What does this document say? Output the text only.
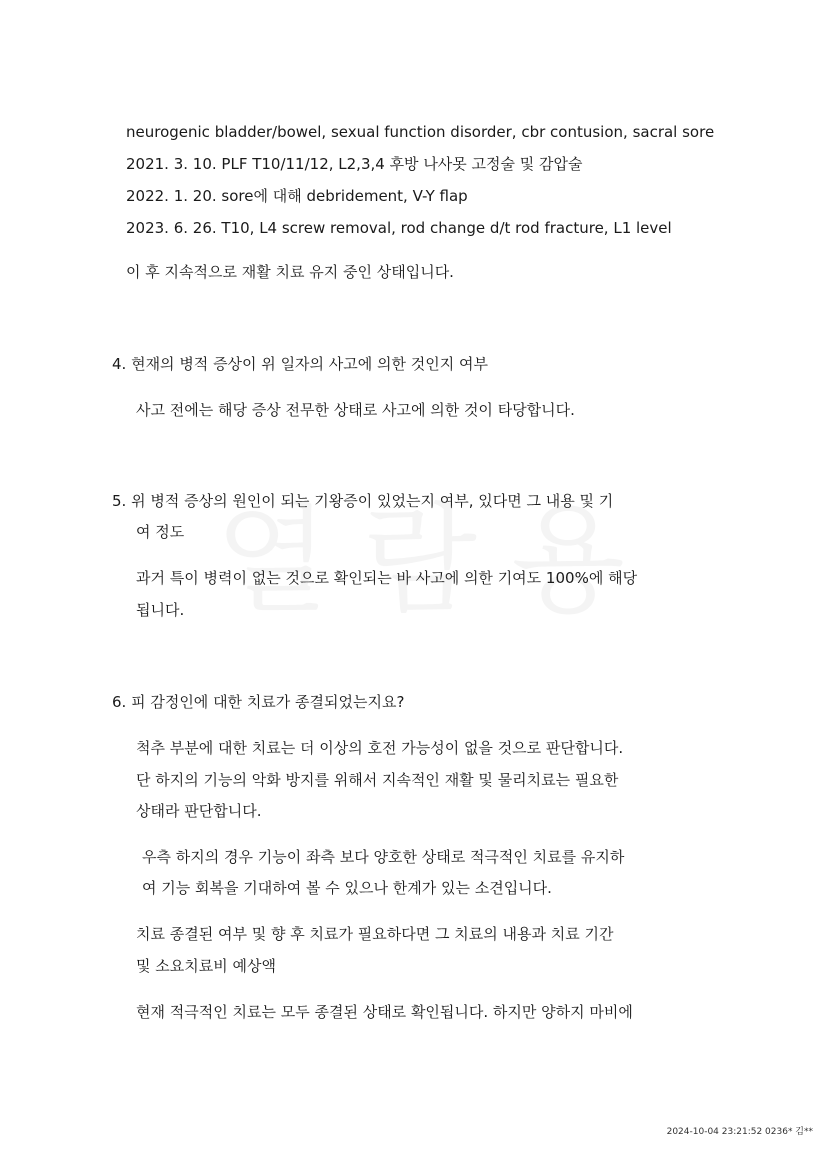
neurogenic bladder/bowel, sexual function disorder, cbr contusion, sacral sore
2021. 3. 10. PLF T10/11/12, L2,3,4 후방 나사못 고정술 및 감압술
2022. 1. 20. sore에 대해 debridement, V-Y flap
2023. 6. 26. T10, L4 screw removal, rod change d/t rod fracture, L1 level
이 후 지속적으로 재활 치료 유지 중인 상태입니다.
4. 현재의 병적 증상이 위 일자의 사고에 의한 것인지 여부
사고 전에는 해당 증상 전무한 상태로 사고에 의한 것이 타당합니다.
5. 위 병적 증상의 원인이 되는 기왕증이 있었는지 여부, 있다면 그 내용 및 기
여 정도
과거 특이 병력이 없는 것으로 확인되는 바 사고에 의한 기여도 100%에 해당
됩니다.
6. 피 감정인에 대한 치료가 종결되었는지요?
척추 부분에 대한 치료는 더 이상의 호전 가능성이 없을 것으로 판단합니다.
단 하지의 기능의 악화 방지를 위해서 지속적인 재활 및 물리치료는 필요한
상태라 판단합니다.
우측 하지의 경우 기능이 좌측 보다 양호한 상태로 적극적인 치료를 유지하
여 기능 회복을 기대하여 볼 수 있으나 한계가 있는 소견입니다.
치료 종결된 여부 및 향 후 치료가 필요하다면 그 치료의 내용과 치료 기간
및 소요치료비 예상액
현재 적극적인 치료는 모두 종결된 상태로 확인됩니다. 하지만 양하지 마비에
2024-10-04 23:21:52 0236* 김**
